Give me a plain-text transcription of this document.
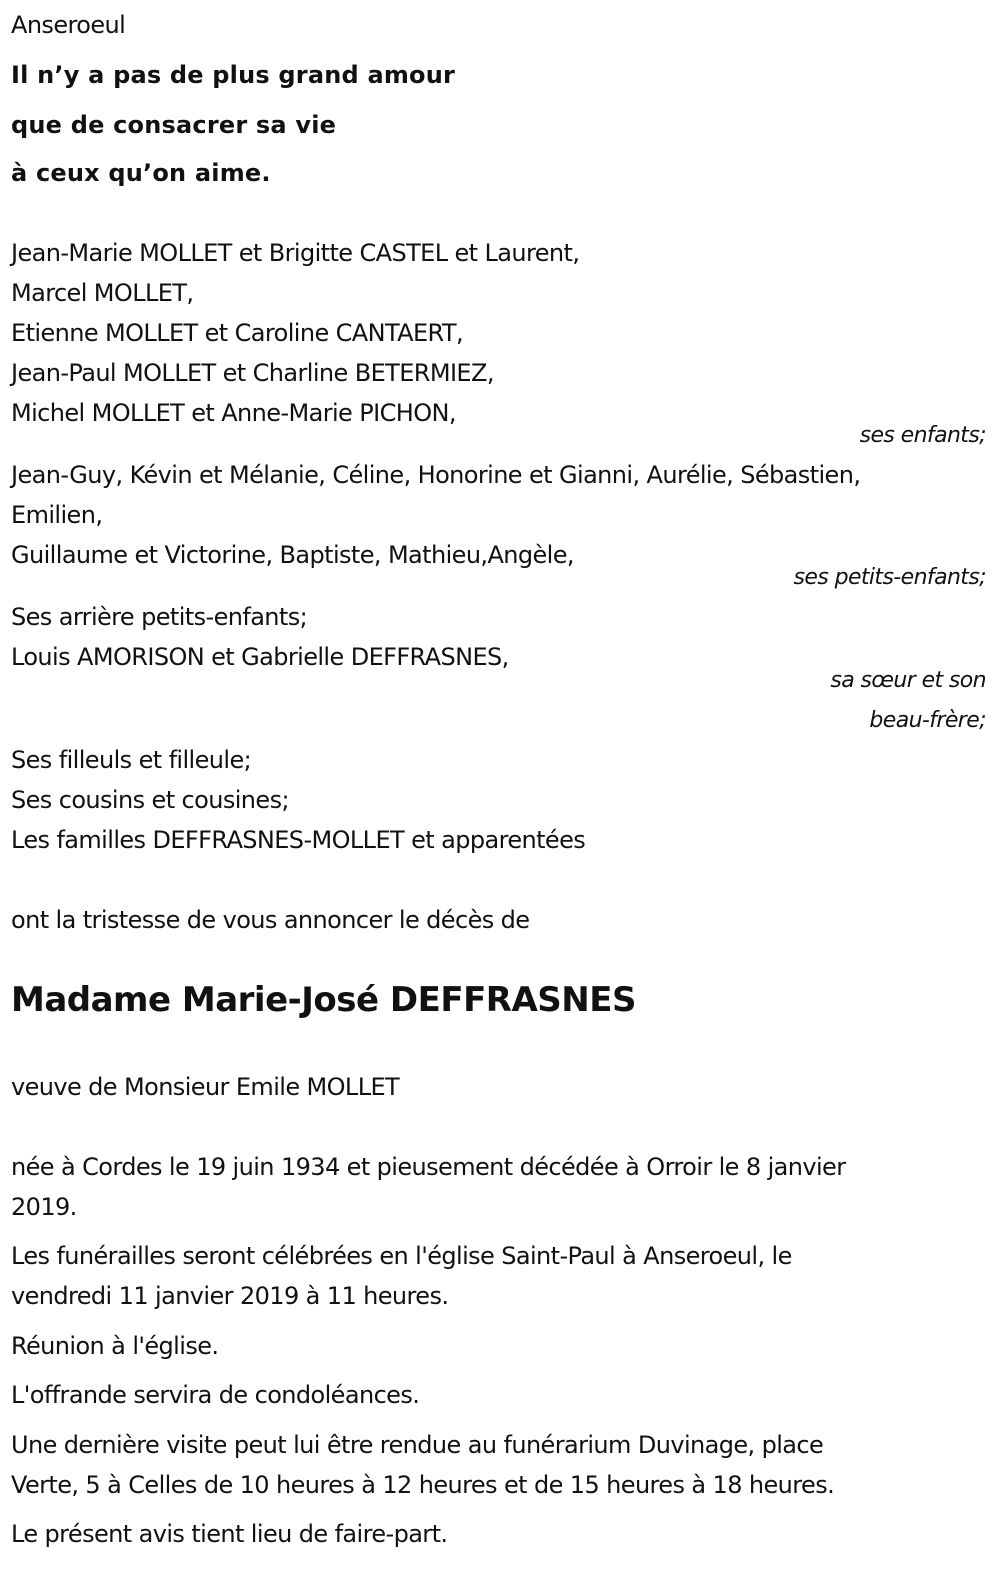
Anseroeul
Il n’y a pas de plus grand amour
que de consacrer sa vie
à ceux qu’on aime.
Jean-Marie MOLLET et Brigitte CASTEL et Laurent,
Marcel MOLLET,
Etienne MOLLET et Caroline CANTAERT,
Jean-Paul MOLLET et Charline BETERMIEZ,
Michel MOLLET et Anne-Marie PICHON,
ses enfants;
Jean-Guy, Kévin et Mélanie, Céline, Honorine et Gianni, Aurélie, Sébastien,
Emilien,
Guillaume et Victorine, Baptiste, Mathieu,Angèle,
ses petits-enfants;
Ses arrière petits-enfants;
Louis AMORISON et Gabrielle DEFFRASNES,
sa sœur et son
beau-frère;
Ses filleuls et filleule;
Ses cousins et cousines;
Les familles DEFFRASNES-MOLLET et apparentées
ont la tristesse de vous annoncer le décès de
Madame Marie-José DEFFRASNES
veuve de Monsieur Emile MOLLET
née à Cordes le 19 juin 1934 et pieusement décédée à Orroir le 8 janvier
2019.
Les funérailles seront célébrées en l'église Saint-Paul à Anseroeul, le
vendredi 11 janvier 2019 à 11 heures.
Réunion à l'église.
L'offrande servira de condoléances.
Une dernière visite peut lui être rendue au funérarium Duvinage, place
Verte, 5 à Celles de 10 heures à 12 heures et de 15 heures à 18 heures.
Le présent avis tient lieu de faire-part.
